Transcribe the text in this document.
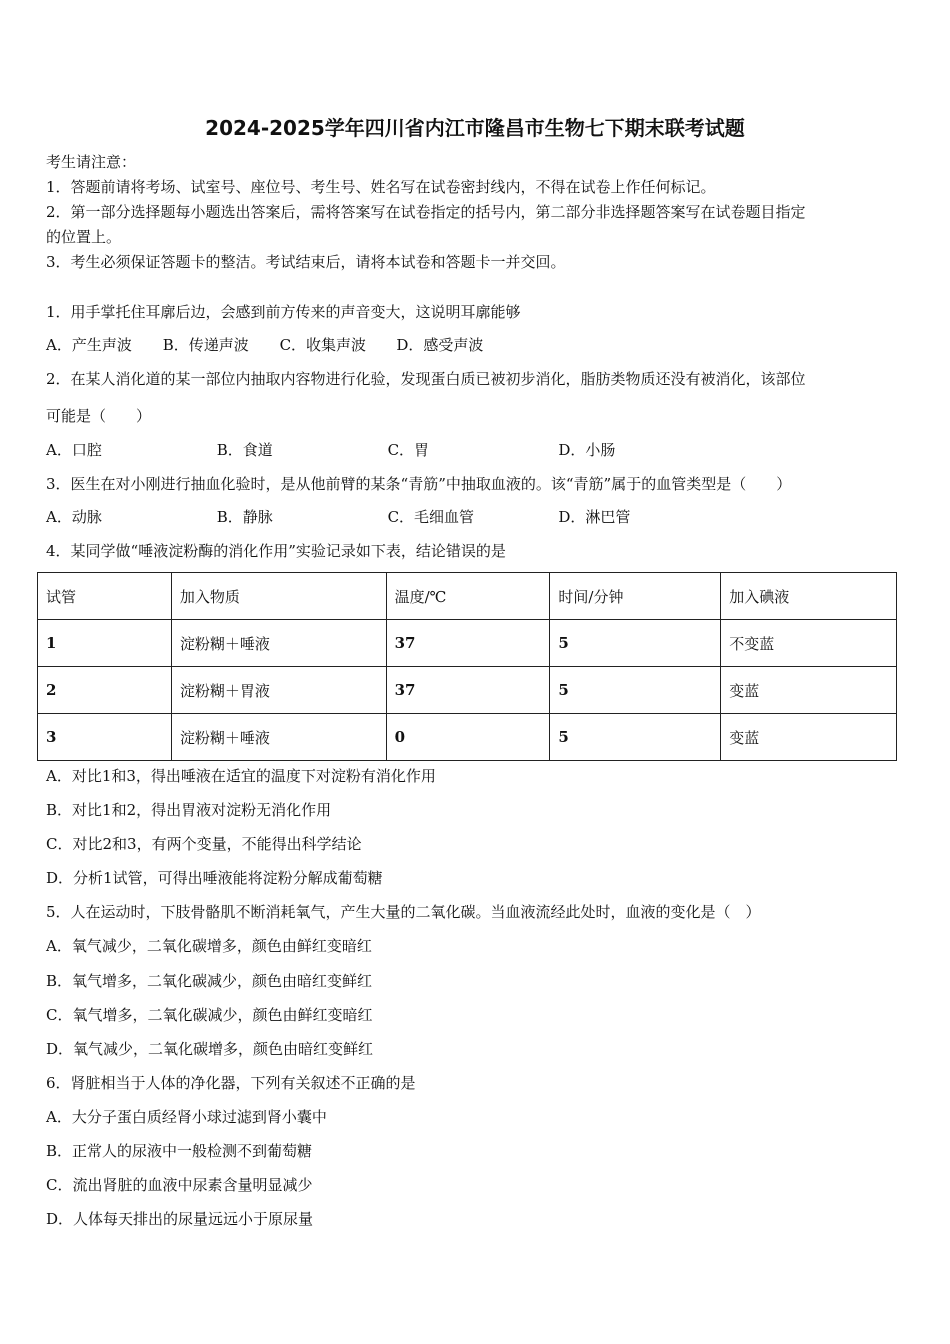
2024-2025学年四川省内江市隆昌市生物七下期末联考试题
考生请注意：
1．答题前请将考场、试室号、座位号、考生号、姓名写在试卷密封线内，不得在试卷上作任何标记。
2．第一部分选择题每小题选出答案后，需将答案写在试卷指定的括号内，第二部分非选择题答案写在试卷题目指定
的位置上。
3．考生必须保证答题卡的整洁。考试结束后，请将本试卷和答题卡一并交回。
1．用手掌托住耳廓后边，会感到前方传来的声音变大，这说明耳廓能够
A．产生声波 B．传递声波 C．收集声波 D．感受声波
2．在某人消化道的某一部位内抽取内容物进行化验，发现蛋白质已被初步消化，脂肪类物质还没有被消化，该部位
可能是（　　）
A．口腔	B．食道	C．胃	D．小肠
3．医生在对小刚进行抽血化验时，是从他前臂的某条“青筋”中抽取血液的。该“青筋”属于的血管类型是（　　）
A．动脉	B．静脉	C．毛细血管	D．淋巴管
4．某同学做“唾液淀粉酶的消化作用”实验记录如下表，结论错误的是
试管	加入物质	温度/℃	时间/分钟	加入碘液
1	淀粉糊＋唾液	37	5	不变蓝
2	淀粉糊＋胃液	37	5	变蓝
3	淀粉糊＋唾液	0	5	变蓝
A．对比1和3，得出唾液在适宜的温度下对淀粉有消化作用
B．对比1和2，得出胃液对淀粉无消化作用
C．对比2和3，有两个变量，不能得出科学结论
D．分析1试管，可得出唾液能将淀粉分解成葡萄糖
5．人在运动时，下肢骨骼肌不断消耗氧气，产生大量的二氧化碳。当血液流经此处时，血液的变化是（　）
A．氧气减少，二氧化碳增多，颜色由鲜红变暗红
B．氧气增多，二氧化碳减少，颜色由暗红变鲜红
C．氧气增多，二氧化碳减少，颜色由鲜红变暗红
D．氧气减少，二氧化碳增多，颜色由暗红变鲜红
6．肾脏相当于人体的净化器，下列有关叙述不正确的是
A．大分子蛋白质经肾小球过滤到肾小囊中
B．正常人的尿液中一般检测不到葡萄糖
C．流出肾脏的血液中尿素含量明显减少
D．人体每天排出的尿量远远小于原尿量
